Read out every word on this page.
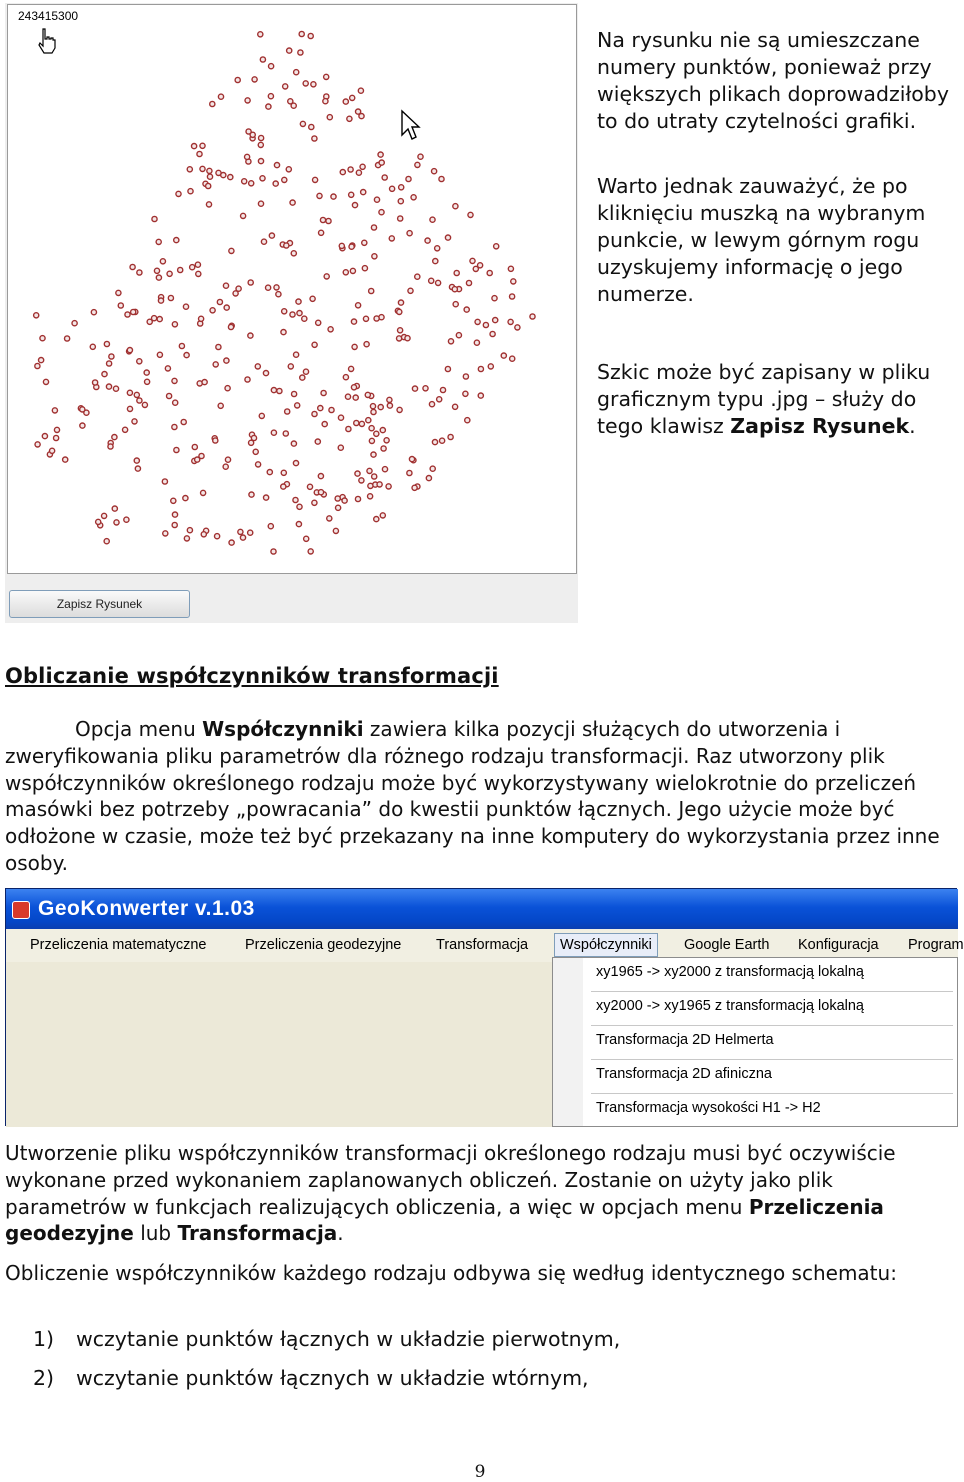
243415300
Zapisz Rysunek

Na rysunku nie są umieszczane numery punktów, ponieważ przy większych plikach doprowadziłoby to do utraty czytelności grafiki.

Warto jednak zauważyć, że po kliknięciu muszką na wybranym punkcie, w lewym górnym rogu uzyskujemy informację o jego numerze.

Szkic może być zapisany w pliku graficznym typu .jpg – służy do tego klawisz Zapisz Rysunek.

Obliczanie współczynników transformacji

Opcja menu Współczynniki zawiera kilka pozycji służących do utworzenia i zweryfikowania pliku parametrów dla różnego rodzaju transformacji. Raz utworzony plik współczynników określonego rodzaju może być wykorzystywany wielokrotnie do przeliczeń masówki bez potrzeby „powracania” do kwestii punktów łącznych. Jego użycie może być odłożone w czasie, może też być przekazany na inne komputery do wykorzystania przez inne osoby.

GeoKonwerter v.1.03
Przeliczenia matematyczne	Przeliczenia geodezyjne Transformacja	Współczynniki	Google Earth Konfiguracja Program
xy1965 -> xy2000 z transformacją lokalną
xy2000 -> xy1965 z transformacją lokalną
Transformacja 2D Helmerta
Transformacja 2D afiniczna
Transformacja wysokości H1 -> H2

Utworzenie pliku współczynników transformacji określonego rodzaju musi być oczywiście wykonane przed wykonaniem zaplanowanych obliczeń. Zostanie on użyty jako plik parametrów w funkcjach realizujących obliczenia, a więc w opcjach menu Przeliczenia geodezyjne lub Transformacja.

Obliczenie współczynników każdego rodzaju odbywa się według identycznego schematu:

1) wczytanie punktów łącznych w układzie pierwotnym,
2) wczytanie punktów łącznych w układzie wtórnym,
9
